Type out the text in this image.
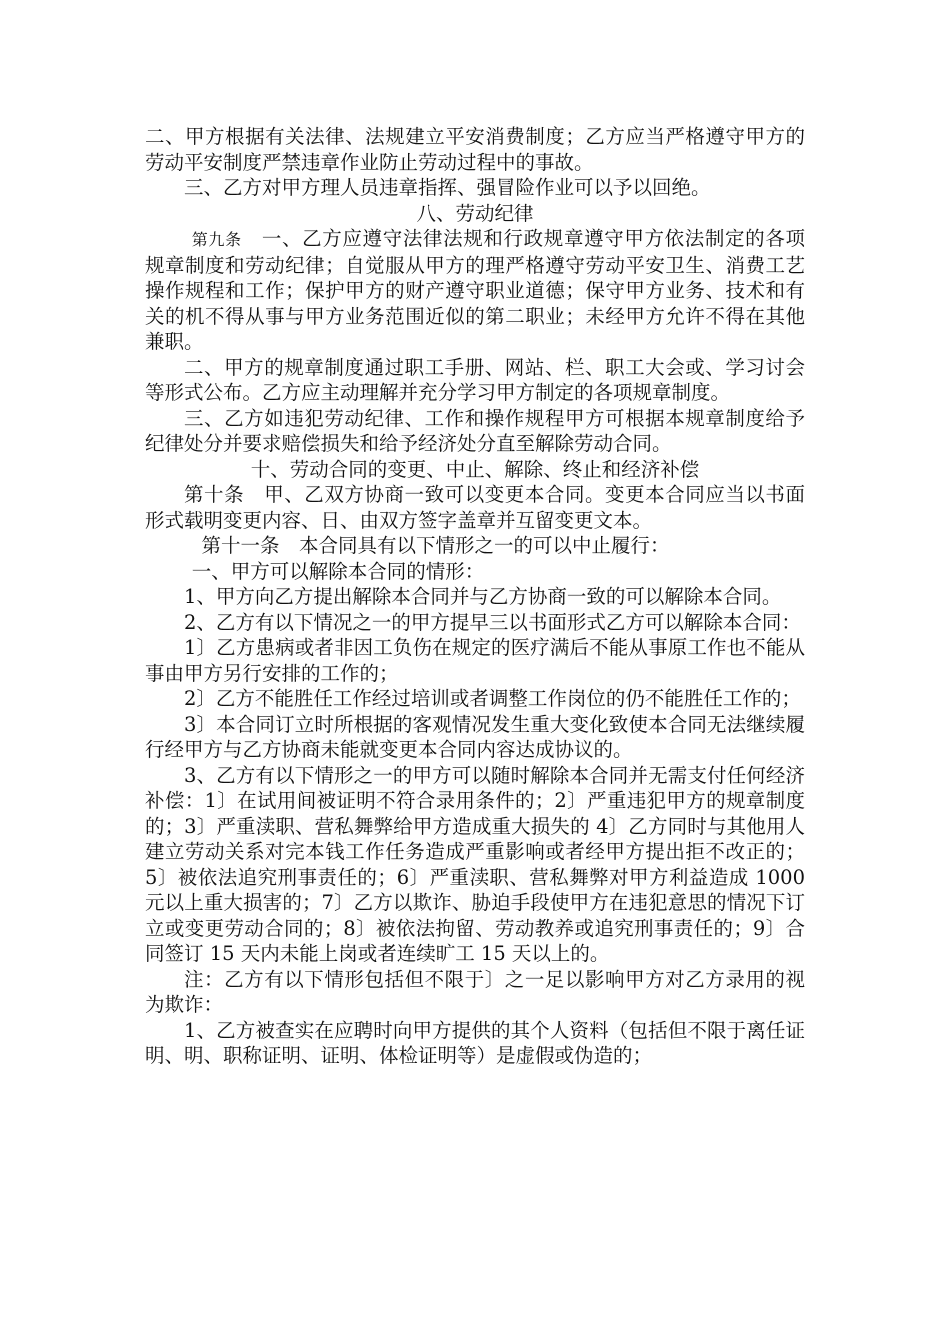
二、甲方根据有关法律、法规建立平安消费制度；乙方应当严格遵守甲方的劳动平安制度严禁违章作业防止劳动过程中的事故。

三、乙方对甲方理人员违章指挥、强冒险作业可以予以回绝。

八、劳动纪律

第九条　 一、乙方应遵守法律法规和行政规章遵守甲方依法制定的各项规章制度和劳动纪律；自觉服从甲方的理严格遵守劳动平安卫生、消费工艺操作规程和工作；保护甲方的财产遵守职业道德；保守甲方业务、技术和有关的机不得从事与甲方业务范围近似的第二职业；未经甲方允许不得在其他兼职。

二、甲方的规章制度通过职工手册、网站、栏、职工大会或、学习讨会等形式公布。乙方应主动理解并充分学习甲方制定的各项规章制度。

三、乙方如违犯劳动纪律、工作和操作规程甲方可根据本规章制度给予纪律处分并要求赔偿损失和给予经济处分直至解除劳动合同。

十、劳动合同的变更、中止、解除、终止和经济补偿

第十条　甲、乙双方协商一致可以变更本合同。变更本合同应当以书面形式载明变更内容、日、由双方签字盖章并互留变更文本。

第十一条　本合同具有以下情形之一的可以中止履行：

一、甲方可以解除本合同的情形：

1、甲方向乙方提出解除本合同并与乙方协商一致的可以解除本合同。

2、乙方有以下情况之一的甲方提早三以书面形式乙方可以解除本合同：

1〕乙方患病或者非因工负伤在规定的医疗满后不能从事原工作也不能从事由甲方另行安排的工作的；

2〕乙方不能胜任工作经过培训或者调整工作岗位的仍不能胜任工作的；

3〕本合同订立时所根据的客观情况发生重大变化致使本合同无法继续履行经甲方与乙方协商未能就变更本合同内容达成协议的。

3、乙方有以下情形之一的甲方可以随时解除本合同并无需支付任何经济补偿：1〕在试用间被证明不符合录用条件的；2〕严重违犯甲方的规章制度的；3〕严重渎职、营私舞弊给甲方造成重大损失的 4〕乙方同时与其他用人建立劳动关系对完本钱工作任务造成严重影响或者经甲方提出拒不改正的；5〕被依法追究刑事责任的；6〕严重渎职、营私舞弊对甲方利益造成 1000 元以上重大损害的；7〕乙方以欺诈、胁迫手段使甲方在违犯意思的情况下订立或变更劳动合同的；8〕被依法拘留、劳动教养或追究刑事责任的；9〕合同签订 15 天内未能上岗或者连续旷工 15 天以上的。

注：乙方有以下情形包括但不限于〕之一足以影响甲方对乙方录用的视为欺诈：

1、乙方被查实在应聘时向甲方提供的其个人资料（包括但不限于离任证明、明、职称证明、证明、体检证明等）是虚假或伪造的；
